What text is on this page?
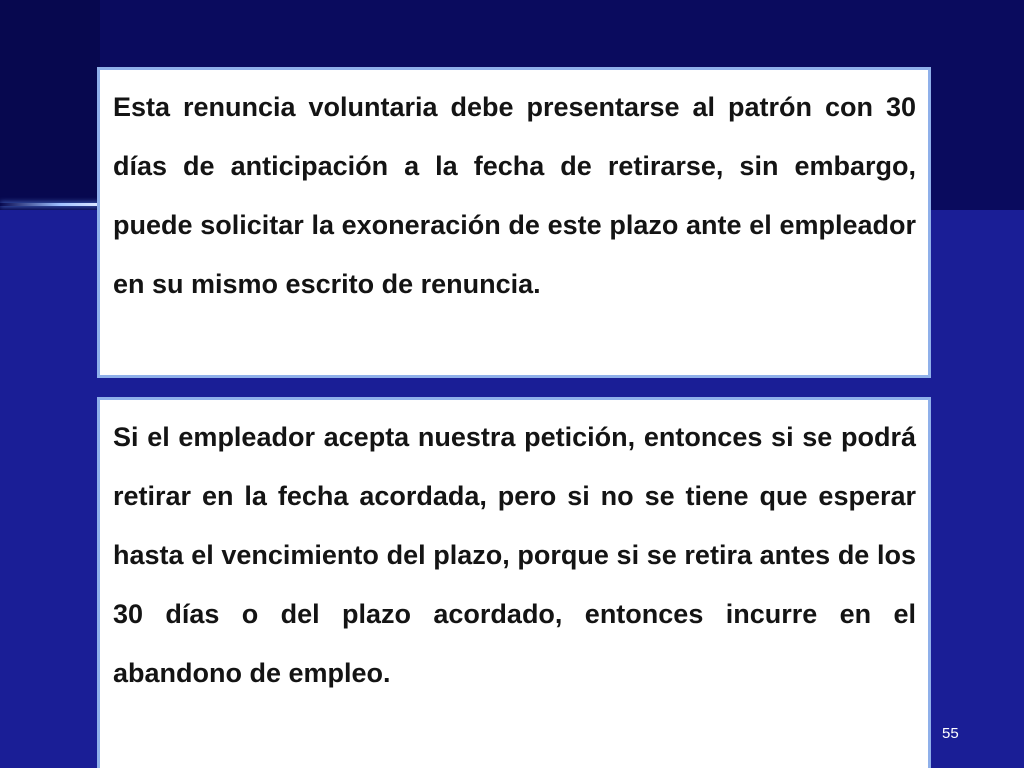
Esta renuncia voluntaria debe presentarse al patrón con 30 días de anticipación a la fecha de retirarse, sin embargo, puede solicitar la exoneración de este plazo ante el empleador en su mismo escrito de renuncia.

Si el empleador acepta nuestra petición, entonces si se podrá retirar en la fecha acordada, pero si no se tiene que esperar hasta el vencimiento del plazo, porque si se retira antes de los 30 días o del plazo acordado, entonces incurre en el abandono de empleo.

55
